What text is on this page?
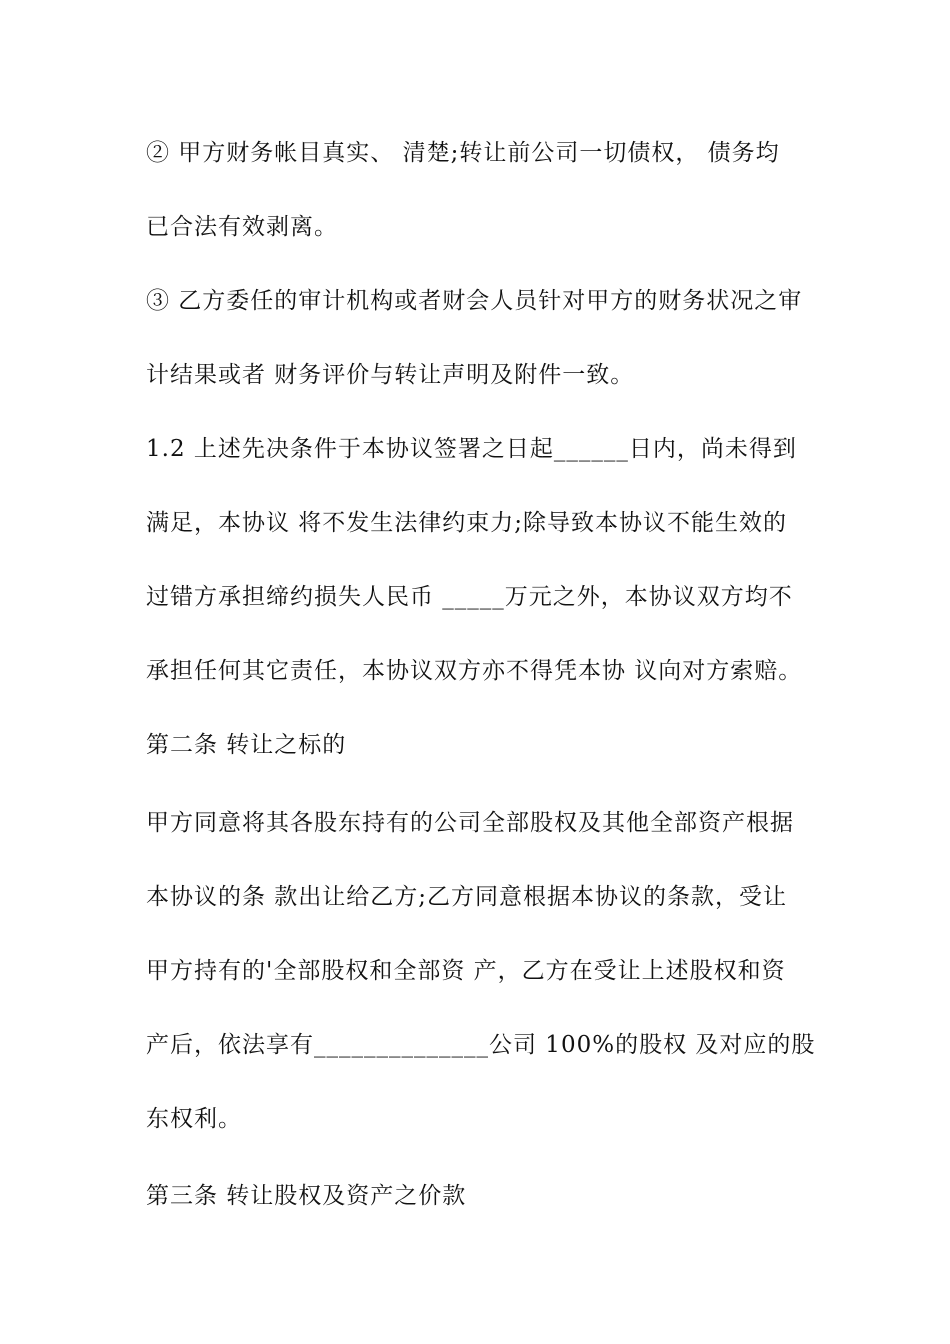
② 甲方财务帐目真实、 清楚;转让前公司一切债权， 债务均
已合法有效剥离。
③ 乙方委任的审计机构或者财会人员针对甲方的财务状况之审
计结果或者 财务评价与转让声明及附件一致。
1.2 上述先决条件于本协议签署之日起______日内，尚未得到
满足，本协议 将不发生法律约束力;除导致本协议不能生效的
过错方承担缔约损失人民币 _____万元之外，本协议双方均不
承担任何其它责任，本协议双方亦不得凭本协 议向对方索赔。
第二条 转让之标的
甲方同意将其各股东持有的公司全部股权及其他全部资产根据
本协议的条 款出让给乙方;乙方同意根据本协议的条款，受让
甲方持有的'全部股权和全部资 产，乙方在受让上述股权和资
产后，依法享有______________公司 100%的股权 及对应的股
东权利。
第三条 转让股权及资产之价款
